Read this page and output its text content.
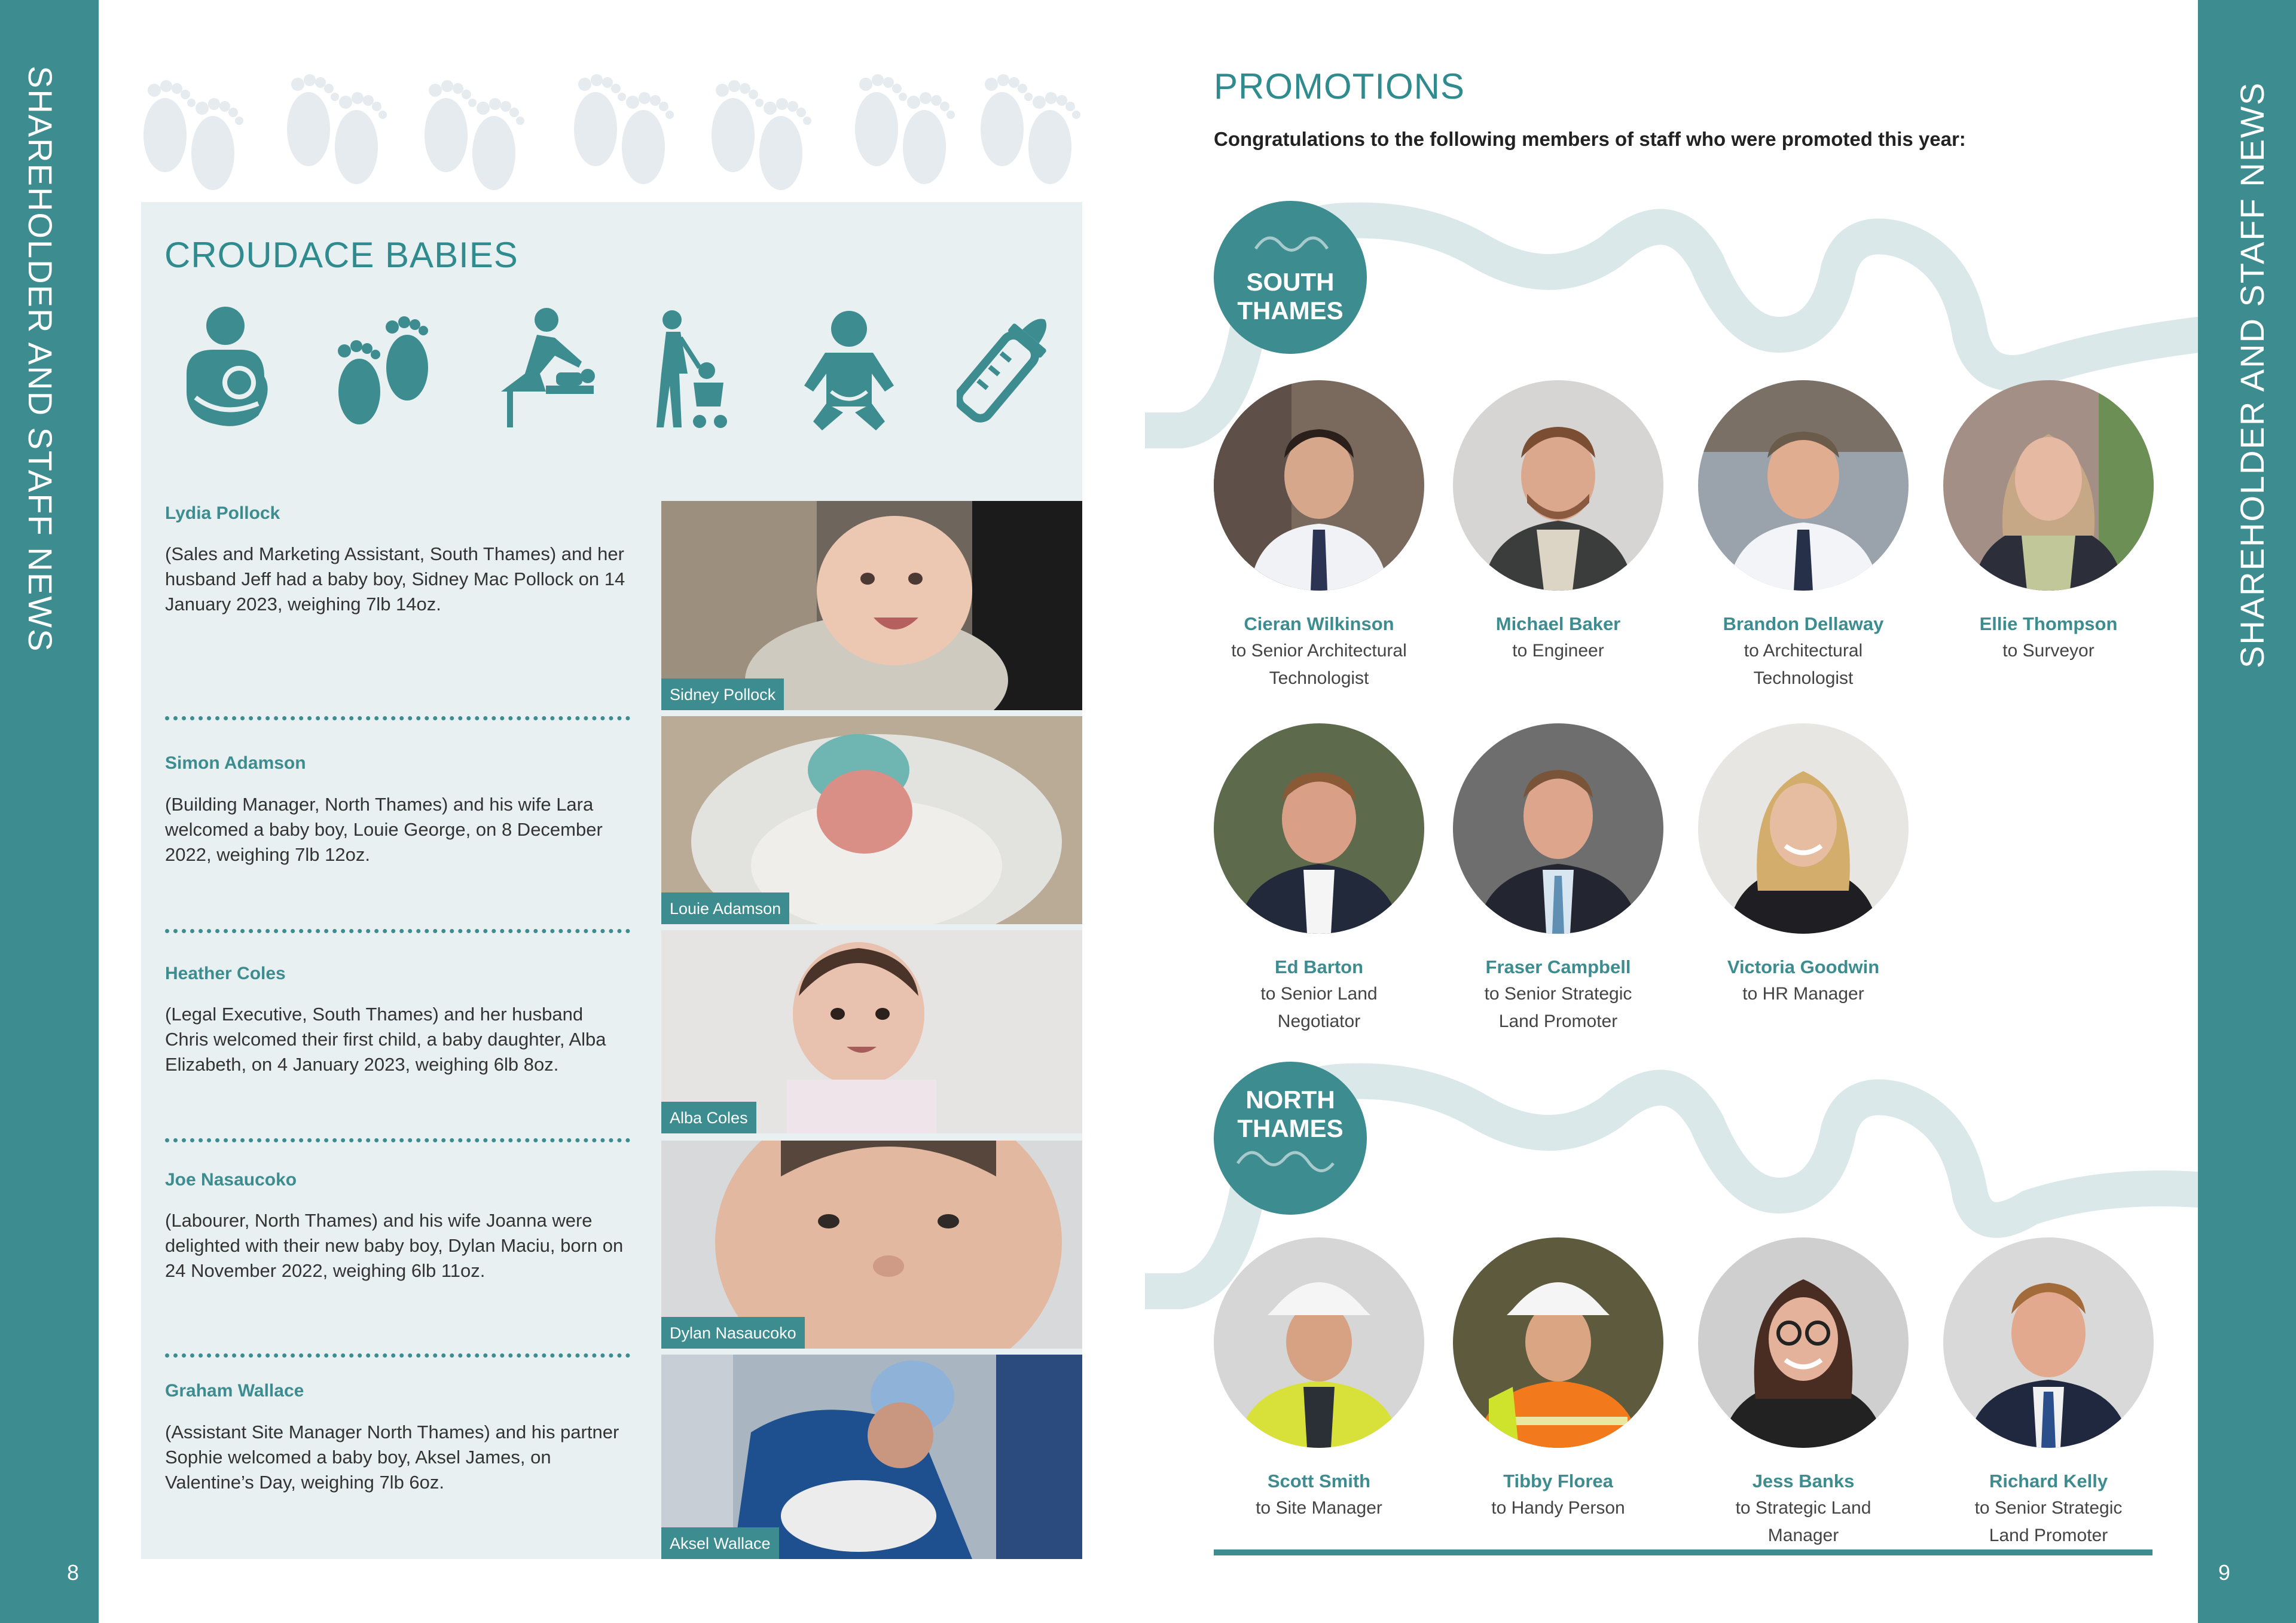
SHAREHOLDER AND STAFF NEWS	SHAREHOLDER AND STAFF NEWS
8	9
CROUDACE BABIES
Lydia Pollock
(Sales and Marketing Assistant, South Thames) and her husband Jeff had a baby boy, Sidney Mac Pollock on 14 January 2023, weighing 7lb 14oz.
Simon Adamson
(Building Manager, North Thames) and his wife Lara welcomed a baby boy, Louie George, on 8 December 2022, weighing 7lb 12oz.
Heather Coles
(Legal Executive, South Thames) and her husband Chris welcomed their first child, a baby daughter, Alba Elizabeth, on 4 January 2023, weighing 6lb 8oz.
Joe Nasaucoko
(Labourer, North Thames) and his wife Joanna were delighted with their new baby boy, Dylan Maciu, born on 24 November 2022, weighing 6lb 11oz.
Graham Wallace
(Assistant Site Manager North Thames) and his partner Sophie welcomed a baby boy, Aksel James, on Valentine’s Day, weighing 7lb 6oz.
Sidney Pollock
Louie Adamson
Alba Coles
Dylan Nasaucoko
Aksel Wallace
PROMOTIONS
Congratulations to the following members of staff who were promoted this year:
SOUTH
THAMES
NORTH
THAMES
Cieran Wilkinson
to Senior Architectural
Technologist
Michael Baker
to Engineer

Brandon Dellaway
to Architectural
Technologist
Ellie Thompson
to Surveyor

Ed Barton
to Senior Land
Negotiator
Fraser Campbell
to Senior Strategic
Land Promoter
Victoria Goodwin
to HR Manager

Scott Smith
to Site Manager

Tibby Florea
to Handy Person

Jess Banks
to Strategic Land
Manager
Richard Kelly
to Senior Strategic
Land Promoter
